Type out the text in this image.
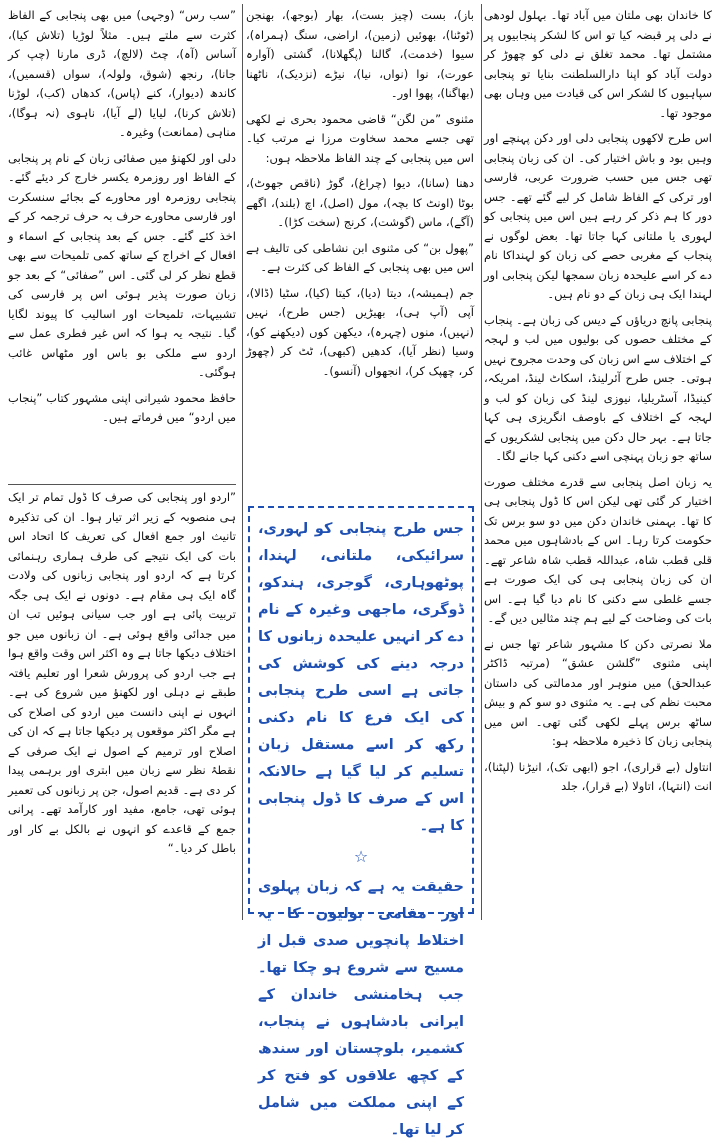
کا خاندان بھی ملتان میں آباد تھا۔ بہلول لودھی نے دلی پر قبضہ کیا تو اس کا لشکر پنجابیوں پر مشتمل تھا۔ محمد تغلق نے دلی کو چھوڑ کر دولت آباد کو اپنا دارالسلطنت بنایا تو پنجابی سپاہیوں کا لشکر اس کی قیادت میں وہاں بھی موجود تھا۔

اس طرح لاکھوں پنجابی دلی اور دکن پہنچے اور وہیں بود و باش اختیار کی۔ ان کی زبان پنجابی تھی جس میں حسب ضرورت عربی، فارسی اور ترکی کے الفاظ شامل کر لیے گئے تھے۔ جس دور کا ہم ذکر کر رہے ہیں اس میں پنجابی کو لہوری یا ملتانی کہا جاتا تھا۔ بعض لوگوں نے پنجاب کے مغربی حصے کی زبان کو لہنداکا نام دے کر اسے علیحدہ زبان سمجھا لیکن پنجابی اور لہندا ایک ہی زبان کے دو نام ہیں۔

پنجابی پانچ دریاؤں کے دیس کی زبان ہے۔ پنجاب کے مختلف حصوں کی بولیوں میں لب و لہجہ کے اختلاف سے اس زبان کی وحدت مجروح نہیں ہوتی۔ جس طرح آئرلینڈ، اسکاٹ لینڈ، امریکہ، کینیڈا، آسٹریلیا، نیوزی لینڈ کی زبان کو لب و لہجہ کے اختلاف کے باوصف انگریزی ہی کہا جاتا ہے۔ بہر حال دکن میں پنجابی لشکریوں کے ساتھ جو زبان پہنچی اسے دکنی کہا جانے لگا۔

یہ زبان اصل پنجابی سے قدرے مختلف صورت اختیار کر گئی تھی لیکن اس کا ڈول پنجابی ہی کا تھا۔ بہمنی خاندان دکن میں دو سو برس تک حکومت کرتا رہا۔ اس کے بادشاہوں میں محمد قلی قطب شاہ، عبداللہ قطب شاہ شاعر تھے۔ ان کی زبان پنجابی ہی کی ایک صورت ہے جسے غلطی سے دکنی کا نام دیا گیا ہے۔ اس بات کی وضاحت کے لیے ہم چند مثالیں دیں گے۔

ملا نصرتی دکن کا مشہور شاعر تھا جس نے اپنی مثنوی ”گلشن عشق“ (مرتبہ ڈاکٹر عبدالحق) میں منوہر اور مدمالتی کی داستان محبت نظم کی ہے۔ یہ مثنوی دو سو کم و بیش ساٹھ برس پہلے لکھی گئی تھی۔ اس میں پنجابی زبان کا ذخیرہ ملاحظہ ہو:

انتاول (بے قراری)، اجو (ابھی تک)، انیڑنا (لپٹنا)، انت (انتہا)، اتاولا (بے قرار)، جلد

باز)، بست (چیز بست)، بھار (بوجھ)، بھنجن (ٹوٹنا)، بھوئیں (زمین)، اراضی، سنگ (ہمراہ)، سیوا (خدمت)، گالنا (پگھلانا)، گشتی (آوارہ عورت)، نوا (نواں، نیا)، نیڑے (نزدیک)، ناٹھنا (بھاگنا)، پھوا اور۔

مثنوی ”من لگن“ قاضی محمود بحری نے لکھی تھی جسے محمد سخاوت مرزا نے مرتب کیا۔ اس میں پنجابی کے چند الفاظ ملاحظہ ہوں:

دھنا (سانا)، دیوا (چراغ)، گوڑ (ناقص جھوٹ)، بوٹا (اونٹ کا بچہ)، مول (اصل)، اچ (بلند)، اگھے (آگے)، ماس (گوشت)، کرنج (سخت کڑا)۔

”پھول بن“ کی مثنوی ابن نشاطی کی تالیف ہے اس میں بھی پنجابی کے الفاظ کی کثرت ہے۔

جم (ہمیشہ)، دیتا (دیا)، کیتا (کیا)، سٹیا (ڈالا)، آپی (آپ ہی)، بھیڑیں (جس طرح)، نہیں (نہیں)، منوں (چہرہ)، دیکھن کوں (دیکھنے کو)، وسیا (نظر آیا)، کدھیں (کبھی)، ٹٹ کر (چھوڑ کر، چھپک کر)، انجھواں (آنسو)۔

جس طرح پنجابی کو لہوری، سرائیکی، ملتانی، لہندا، پوٹھوہاری، گوجری، ہندکو، ڈوگری، ماجھی وغیرہ کے نام دے کر انہیں علیحدہ زبانوں کا درجہ دینے کی کوشش کی جاتی ہے اسی طرح پنجابی کی ایک فرع کا نام دکنی رکھ کر اسے مستقل زبان تسلیم کر لیا گیا ہے حالانکہ اس کے صرف کا ڈول پنجابی کا ہے۔

☆

حقیقت یہ ہے کہ زبان پہلوی اور مقامی بولیوں کا یہ اختلاط پانچویں صدی قبل از مسیح سے شروع ہو چکا تھا۔ جب ہخامنشی خاندان کے ایرانی بادشاہوں نے پنجاب، کشمیر، بلوچستان اور سندھ کے کچھ علاقوں کو فتح کر کے اپنی مملکت میں شامل کر لیا تھا۔

”سب رس“ (وجہی) میں بھی پنجابی کے الفاظ کثرت سے ملتے ہیں۔ مثلاً لوڑیا (تلاش کیا)، آساس (آہ)، چٹ (لالچ)، ڈری مارنا (چپ کر جانا)، رنجھ (شوق، ولولہ)، سواں (قسمیں)، کاندھ (دیوار)، کنے (پاس)، کدھاں (کب)، لوڑنا (تلاش کرنا)، لیایا (لے آیا)، ناہوی (نہ ہوگا)، مناہی (ممانعت) وغیرہ۔

دلی اور لکھنؤ میں صفائی زبان کے نام پر پنجابی کے الفاظ اور روزمرہ یکسر خارج کر دیئے گئے۔ پنجابی روزمرہ اور محاورے کے بجائے سنسکرت اور فارسی محاورے حرف بہ حرف ترجمہ کر کے اخذ کئے گئے۔ جس کے بعد پنجابی کے اسماء و افعال کے اخراج کے ساتھ کمی تلمیحات سے بھی قطع نظر کر لی گئی۔ اس ”صفائی“ کے بعد جو زبان صورت پذیر ہوئی اس پر فارسی کی تشبیہات، تلمیحات اور اسالیب کا پیوند لگایا گیا۔ نتیجہ یہ ہوا کہ اس غیر فطری عمل سے اردو سے ملکی بو باس اور مٹھاس غائب ہوگئی۔

حافظ محمود شیرانی اپنی مشہور کتاب ”پنجاب میں اردو“ میں فرماتے ہیں۔

”اردو اور پنجابی کی صرف کا ڈول تمام تر ایک ہی منصوبہ کے زیر اثر تیار ہوا۔ ان کی تذکیرہ تانیث اور جمع افعال کی تعریف کا اتحاد اس بات کی ایک نتیجے کی طرف ہماری رہنمائی کرتا ہے کہ اردو اور پنجابی زبانوں کی ولادت گاہ ایک ہی مقام ہے۔ دونوں نے ایک ہی جگہ تربیت پائی ہے اور جب سیانی ہوئیں تب ان میں جدائی واقع ہوئی ہے۔ ان زبانوں میں جو اختلاف دیکھا جاتا ہے وہ اکثر اس وقت واقع ہوا ہے جب اردو کی پرورش شعرا اور تعلیم یافتہ طبقے نے دہلی اور لکھنؤ میں شروع کی ہے۔ انہوں نے اپنی دانست میں اردو کی اصلاح کی ہے مگر اکثر موقعوں پر دیکھا جاتا ہے کہ ان کی اصلاح اور ترمیم کے اصول نے ایک صرفی کے نقطۂ نظر سے زبان میں ابتری اور برہمی پیدا کر دی ہے۔ قدیم اصول، جن پر زبانوں کی تعمیر ہوئی تھی، جامع، مفید اور کارآمد تھے۔ پرانی جمع کے قاعدے کو انہوں نے بالکل بے کار اور باطل کر دیا۔“
